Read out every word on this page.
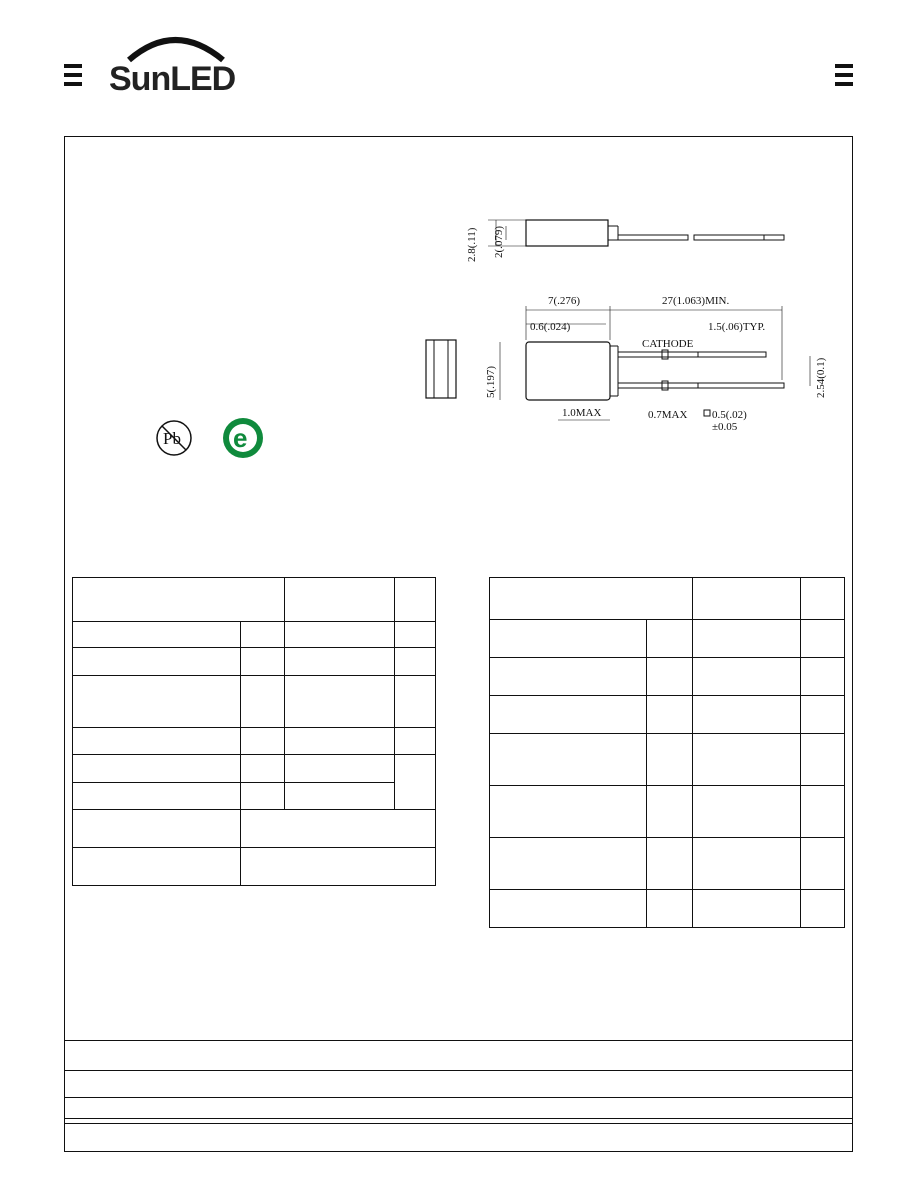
SunLED
2.8(.11) 2(.079)
7(.276)	27(1.063)MIN.
0.6(.024)	1.5(.06)TYP.
CATHODE
5(.197)	2.54(0.1)
1.0MAX	0.7MAX 0.5(.02)
±0.05
Pb e
